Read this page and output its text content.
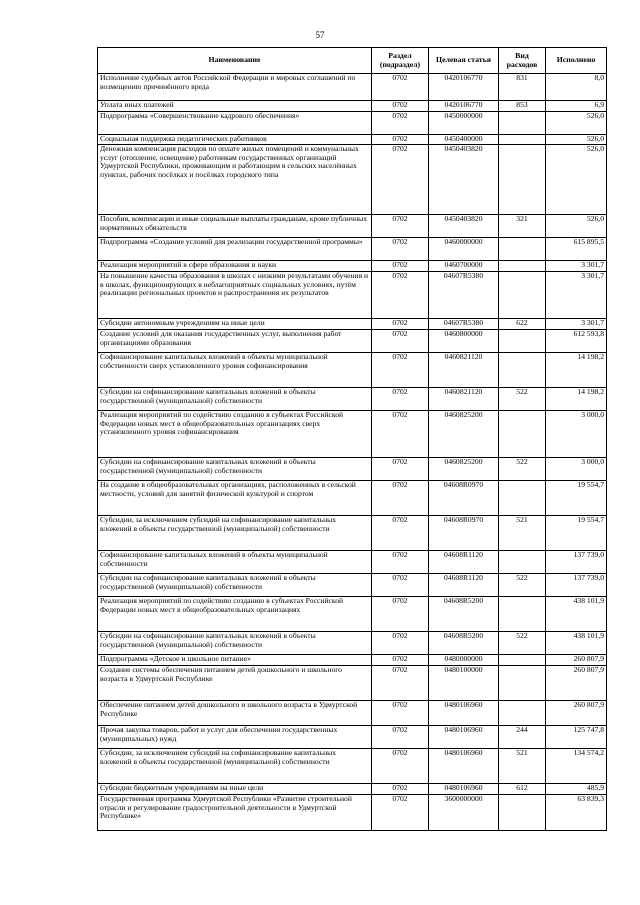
57
Наименование	Раздел (подраздел)	Целевая статья	Вид расходов	Исполнено
Исполнение судебных актов Российской Федерации и мировых соглашений по возмещению причинённого вреда	0702	0420106770	831	8,0
Уплата иных платежей	0702	0420106770	853	6,9
Подпрограмма «Совершенствование кадрового обеспечения»	0702	0450000000		526,0
Социальная поддержка педагогических работников	0702	0450400000		526,0
Денежная компенсация расходов по оплате жилых помещений и коммунальных услуг (отопление, освещение) работникам государственных организаций Удмуртской Республики, проживающим и работающим в сельских населённых пунктах, рабочих посёлках и посёлках городского типа	0702	0450403820		526,0
Пособия, компенсации и иные социальные выплаты гражданам, кроме публичных нормативных обязательств	0702	0450403820	321	526,0
Подпрограмма «Создание условий для реализации государственной программы»	0702	0460000000		615 895,5
Реализация мероприятий в сфере образования и науки	0702	0460700000		3 301,7
На повышение качества образования в школах с низкими результатами обучения и в школах, функционирующих в неблагоприятных социальных условиях, путём реализации региональных проектов и распространения их результатов	0702	04607R5380		3 301,7
Субсидии автономным учреждениям на иные цели	0702	04607R5380	622	3 301,7
Создание условий для оказания государственных услуг, выполнения работ организациями образования	0702	0460800000		612 593,8
Софинансирование капитальных вложений в объекты муниципальной собственности сверх установленного уровня софинансирования	0702	0460821120		14 198,2
Субсидии на софинансирование капитальных вложений в объекты государственной (муниципальной) собственности	0702	0460821120	522	14 198,2
Реализация мероприятий по содействию созданию в субъектах Российской Федерации новых мест в общеобразовательных организациях сверх установленного уровня софинансирования	0702	0460825200		3 000,0
Субсидии на софинансирование капитальных вложений в объекты государственной (муниципальной) собственности	0702	0460825200	522	3 000,0
На создание в общеобразовательных организациях, расположенных в сельской местности, условий для занятий физической культурой и спортом	0702	04608R0970		19 554,7
Субсидии, за исключением субсидий на софинансирование капитальных вложений в объекты государственной (муниципальной) собственности	0702	04608R0970	521	19 554,7
Софинансирование капитальных вложений в объекты муниципальной собственности	0702	04608R1120		137 739,0
Субсидии на софинансирование капитальных вложений в объекты государственной (муниципальной) собственности	0702	04608R1120	522	137 739,0
Реализация мероприятий по содействию созданию в субъектах Российской Федерации новых мест в общеобразовательных организациях	0702	04608R5200		438 101,9
Субсидии на софинансирование капитальных вложений в объекты государственной (муниципальной) собственности	0702	04608R5200	522	438 101,9
Подпрограмма «Детское и школьное питание»	0702	0480000000		260 807,9
Создание системы обеспечения питанием детей дошкольного и школьного возраста в Удмуртской Республике	0702	0480100000		260 807,9
Обеспечение питанием детей дошкольного и школьного возраста в Удмуртской Республике	0702	0480106960		260 807,9
Прочая закупка товаров, работ и услуг для обеспечения государственных (муниципальных) нужд	0702	0480106960	244	125 747,8
Субсидии, за исключением субсидий на софинансирование капитальных вложений в объекты государственной (муниципальной) собственности	0702	0480106960	521	134 574,2
Субсидии бюджетным учреждениям на иные цели	0702	0480106960	612	485,9
Государственная программа Удмуртской Республики «Развитие строительной отрасли и регулирование градостроительной деятельности в Удмуртской Республике»	0702	3600000000		63 839,3
